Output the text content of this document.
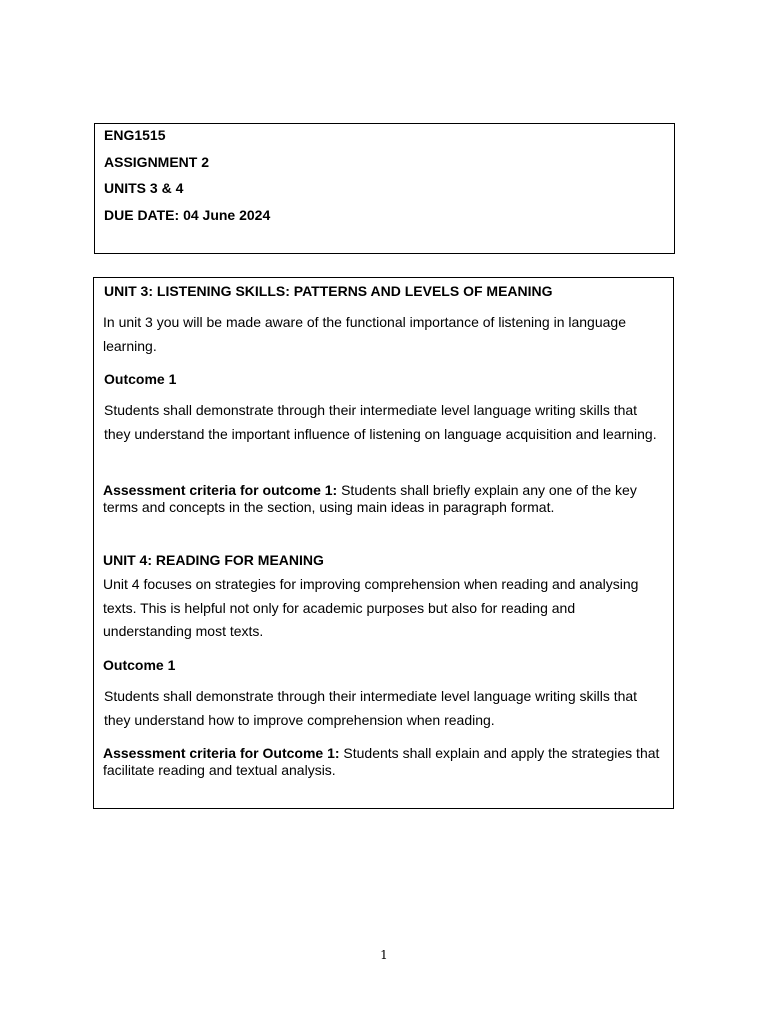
ENG1515

ASSIGNMENT 2

UNITS 3 & 4

DUE DATE: 04 June 2024

UNIT 3: LISTENING SKILLS: PATTERNS AND LEVELS OF MEANING

In unit 3 you will be made aware of the functional importance of listening in language learning.

Outcome 1

Students shall demonstrate through their intermediate level language writing skills that they understand the important influence of listening on language acquisition and learning.

Assessment criteria for outcome 1: Students shall briefly explain any one of the key terms and concepts in the section, using main ideas in paragraph format.

UNIT 4: READING FOR MEANING

Unit 4 focuses on strategies for improving comprehension when reading and analysing texts. This is helpful not only for academic purposes but also for reading and understanding most texts.

Outcome 1

Students shall demonstrate through their intermediate level language writing skills that they understand how to improve comprehension when reading.

Assessment criteria for Outcome 1: Students shall explain and apply the strategies that facilitate reading and textual analysis.

1
